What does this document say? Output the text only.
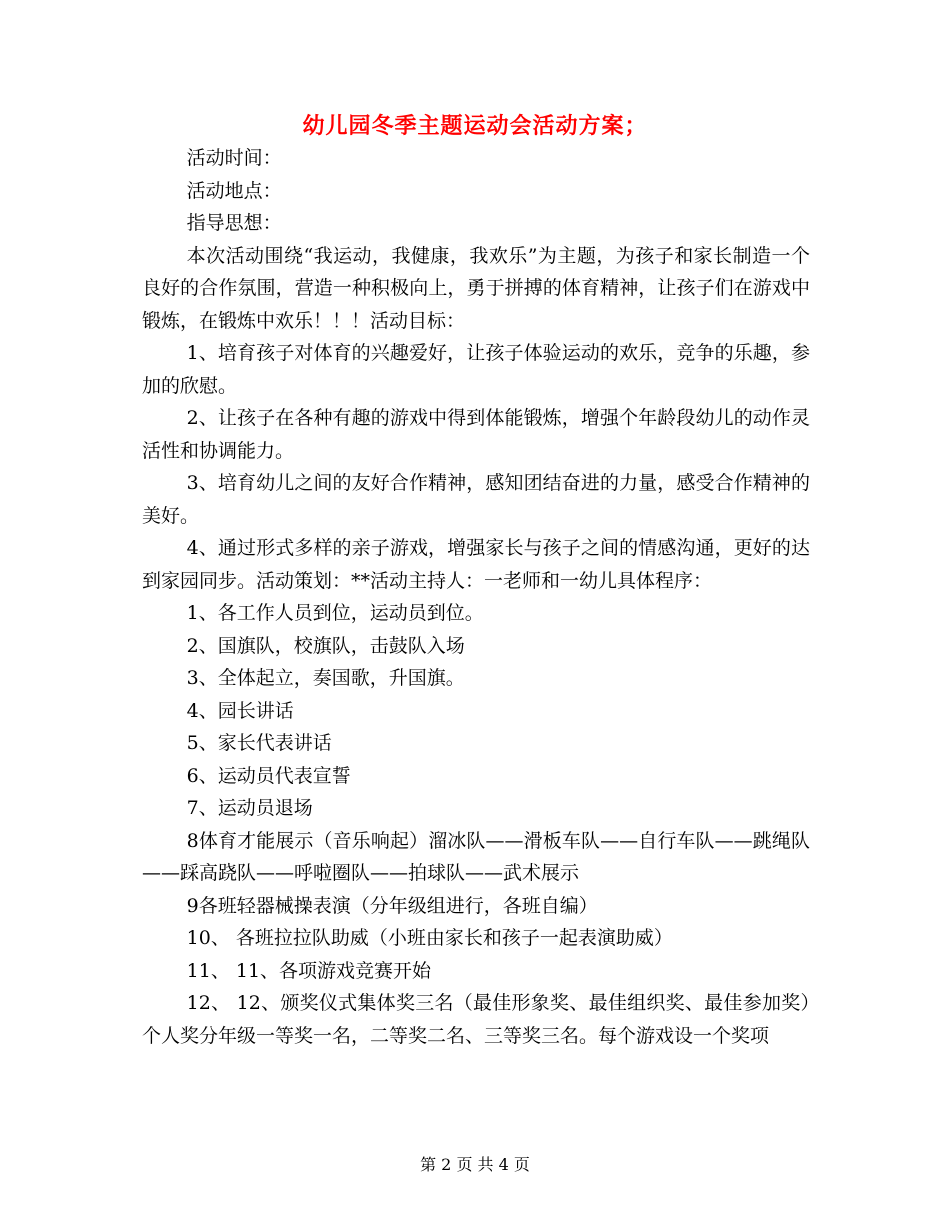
幼儿园冬季主题运动会活动方案；

活动时间：

活动地点：

指导思想：

本次活动围绕“我运动，我健康，我欢乐”为主题，为孩子和家长制造一个良好的合作氛围，营造一种积极向上，勇于拼搏的体育精神，让孩子们在游戏中锻炼，在锻炼中欢乐！！！活动目标：

1、培育孩子对体育的兴趣爱好，让孩子体验运动的欢乐，竞争的乐趣，参加的欣慰。

2、让孩子在各种有趣的游戏中得到体能锻炼，增强个年龄段幼儿的动作灵活性和协调能力。

3、培育幼儿之间的友好合作精神，感知团结奋进的力量，感受合作精神的美好。

4、通过形式多样的亲子游戏，增强家长与孩子之间的情感沟通，更好的达到家园同步。活动策划：**活动主持人：一老师和一幼儿具体程序：

1、各工作人员到位，运动员到位。

2、国旗队，校旗队，击鼓队入场

3、全体起立，奏国歌，升国旗。

4、园长讲话

5、家长代表讲话

6、运动员代表宣誓

7、运动员退场

8体育才能展示（音乐响起）溜冰队——滑板车队——自行车队——跳绳队——踩高跷队——呼啦圈队——拍球队——武术展示

9各班轻器械操表演（分年级组进行，各班自编）

10、 各班拉拉队助威（小班由家长和孩子一起表演助威）

11、 11、各项游戏竞赛开始

12、 12、颁奖仪式集体奖三名（最佳形象奖、最佳组织奖、最佳参加奖）个人奖分年级一等奖一名，二等奖二名、三等奖三名。每个游戏设一个奖项

第 2 页 共 4 页
